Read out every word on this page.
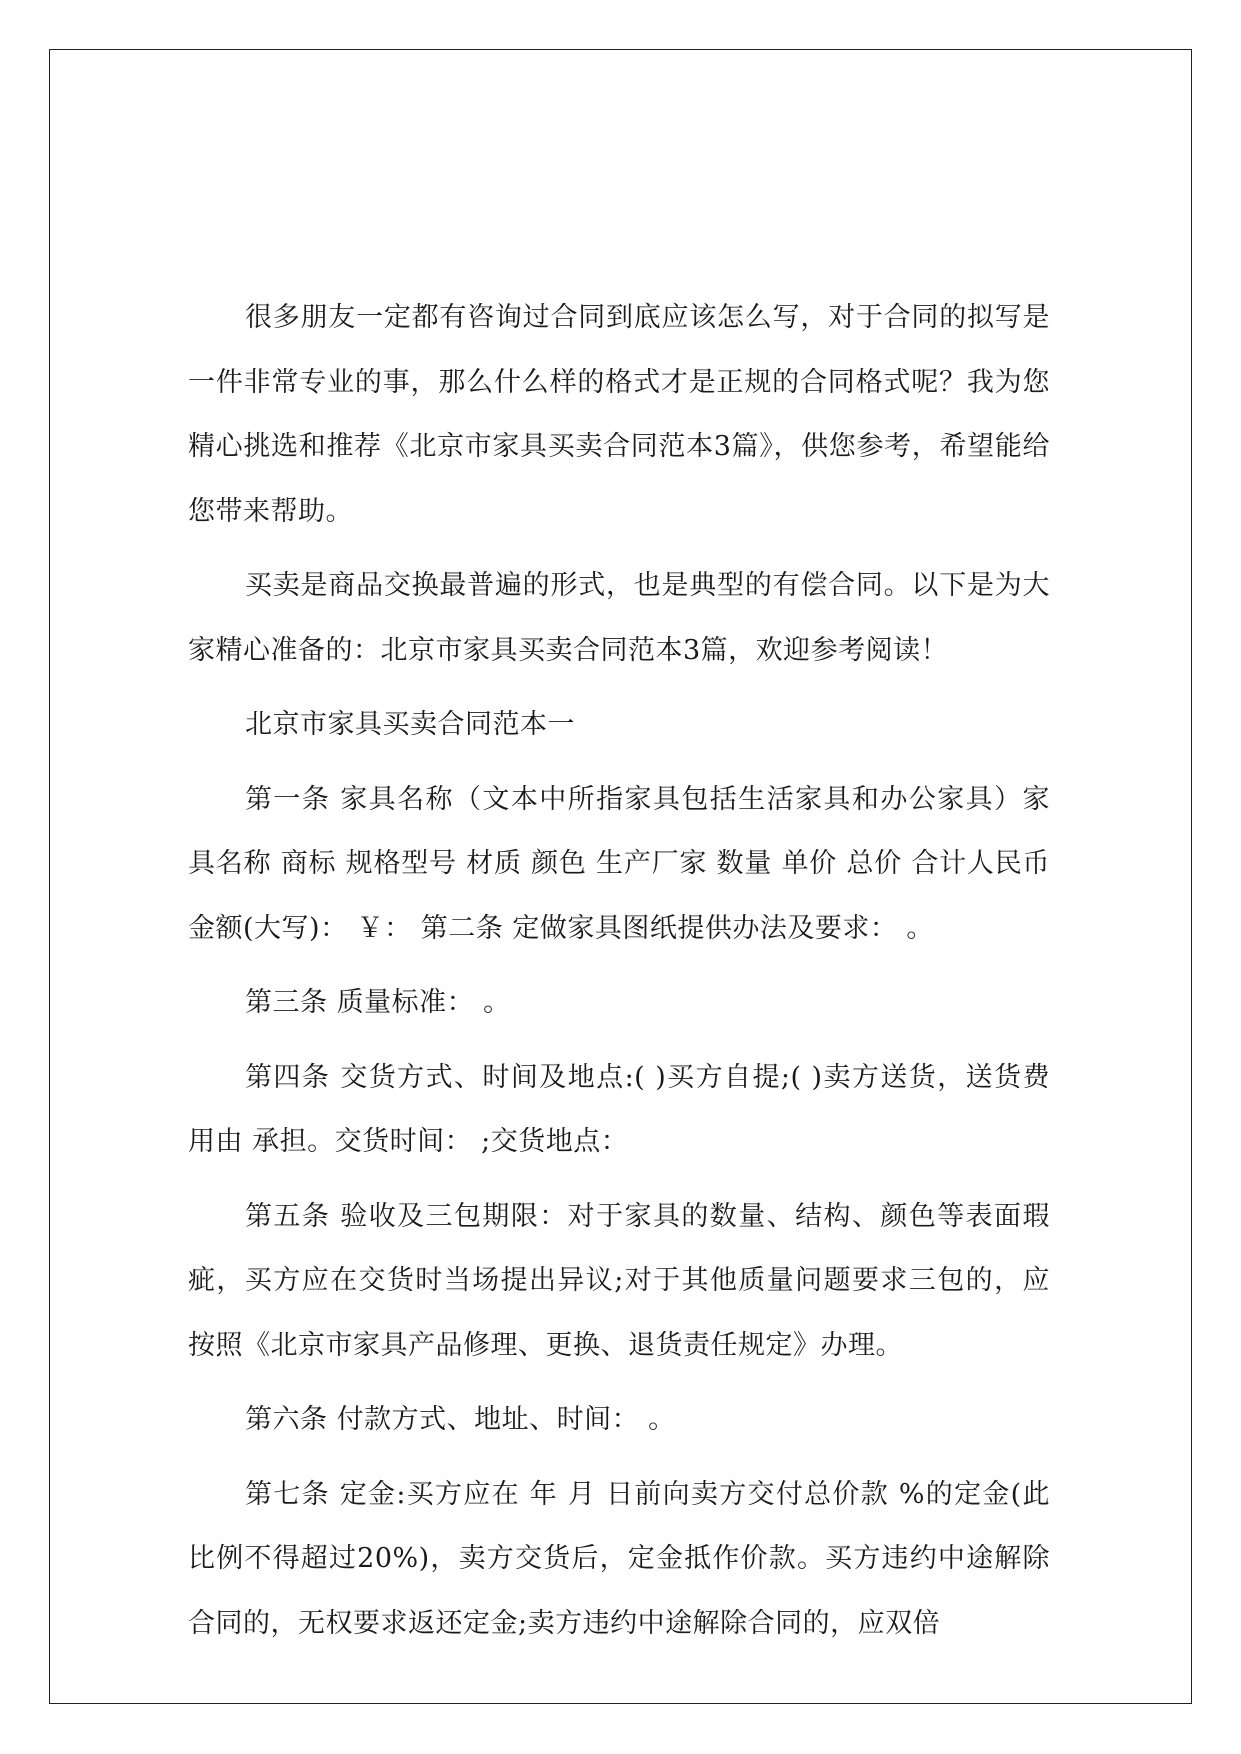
很多朋友一定都有咨询过合同到底应该怎么写，对于合同的拟写是一件非常专业的事，那么什么样的格式才是正规的合同格式呢？我为您精心挑选和推荐《北京市家具买卖合同范本3篇》，供您参考，希望能给您带来帮助。

买卖是商品交换最普遍的形式，也是典型的有偿合同。以下是为大家精心准备的：北京市家具买卖合同范本3篇，欢迎参考阅读！

北京市家具买卖合同范本一

第一条 家具名称（文本中所指家具包括生活家具和办公家具）家具名称 商标 规格型号 材质 颜色 生产厂家 数量 单价 总价 合计人民币金额(大写)： ￥： 第二条 定做家具图纸提供办法及要求： 。

第三条 质量标准： 。

第四条 交货方式、时间及地点:( )买方自提;( )卖方送货，送货费用由 承担。交货时间： ;交货地点：

第五条 验收及三包期限：对于家具的数量、结构、颜色等表面瑕疵，买方应在交货时当场提出异议;对于其他质量问题要求三包的，应按照《北京市家具产品修理、更换、退货责任规定》办理。

第六条 付款方式、地址、时间： 。

第七条 定金:买方应在 年 月 日前向卖方交付总价款 %的定金(此比例不得超过20%)，卖方交货后，定金抵作价款。买方违约中途解除合同的，无权要求返还定金;卖方违约中途解除合同的，应双倍
